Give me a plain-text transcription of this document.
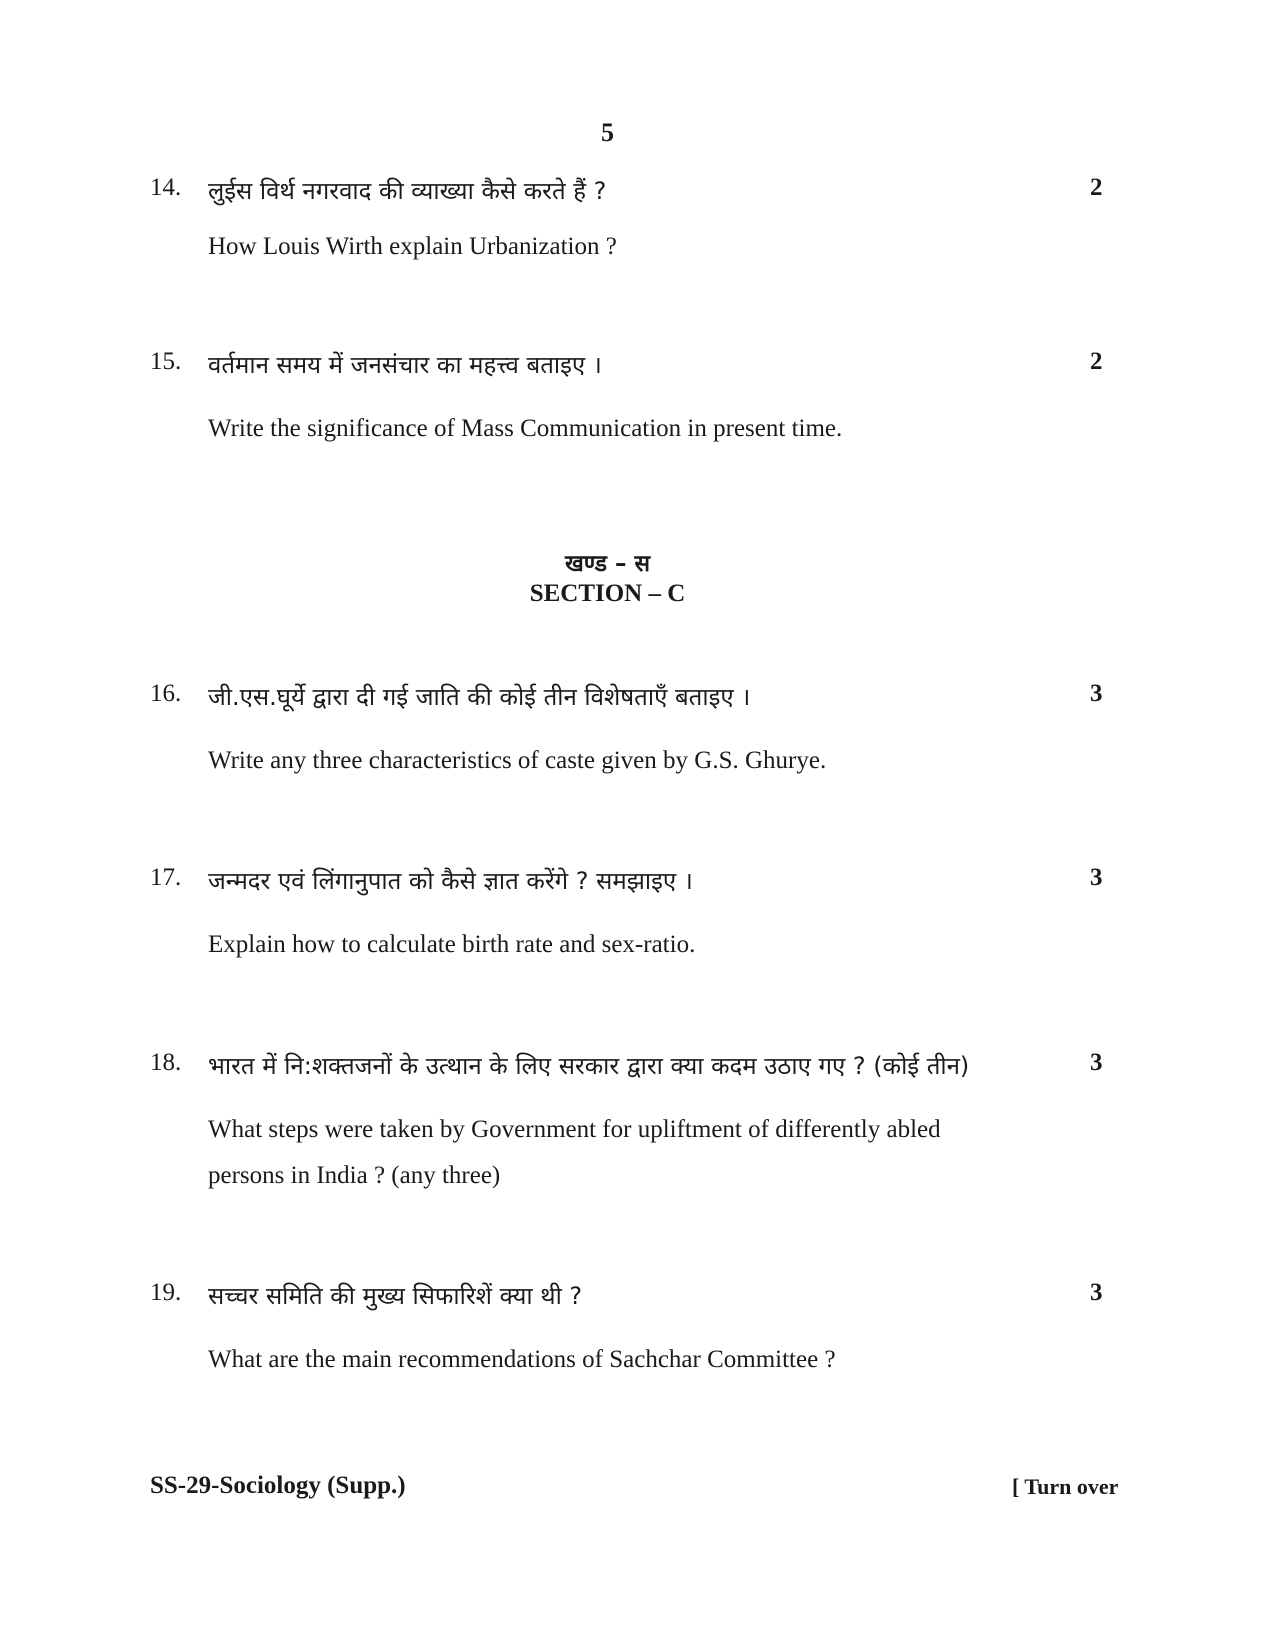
5
14. लुईस विर्थ नगरवाद की व्याख्या कैसे करते हैं ?	2
How Louis Wirth explain Urbanization ?
15. वर्तमान समय में जनसंचार का महत्त्व बताइए ।	2
Write the significance of Mass Communication in present time.
खण्ड – स
SECTION – C
16. जी.एस.घूर्ये द्वारा दी गई जाति की कोई तीन विशेषताएँ बताइए ।	3
Write any three characteristics of caste given by G.S. Ghurye.
17. जन्मदर एवं लिंगानुपात को कैसे ज्ञात करेंगे ? समझाइए ।	3
Explain how to calculate birth rate and sex-ratio.
18. भारत में नि:शक्तजनों के उत्थान के लिए सरकार द्वारा क्या कदम उठाए गए ? (कोई तीन)	3
What steps were taken by Government for upliftment of differently abled persons in India ? (any three)
19. सच्चर समिति की मुख्य सिफारिशें क्या थी ?	3
What are the main recommendations of Sachchar Committee ?
SS-29-Sociology (Supp.)	[ Turn over
